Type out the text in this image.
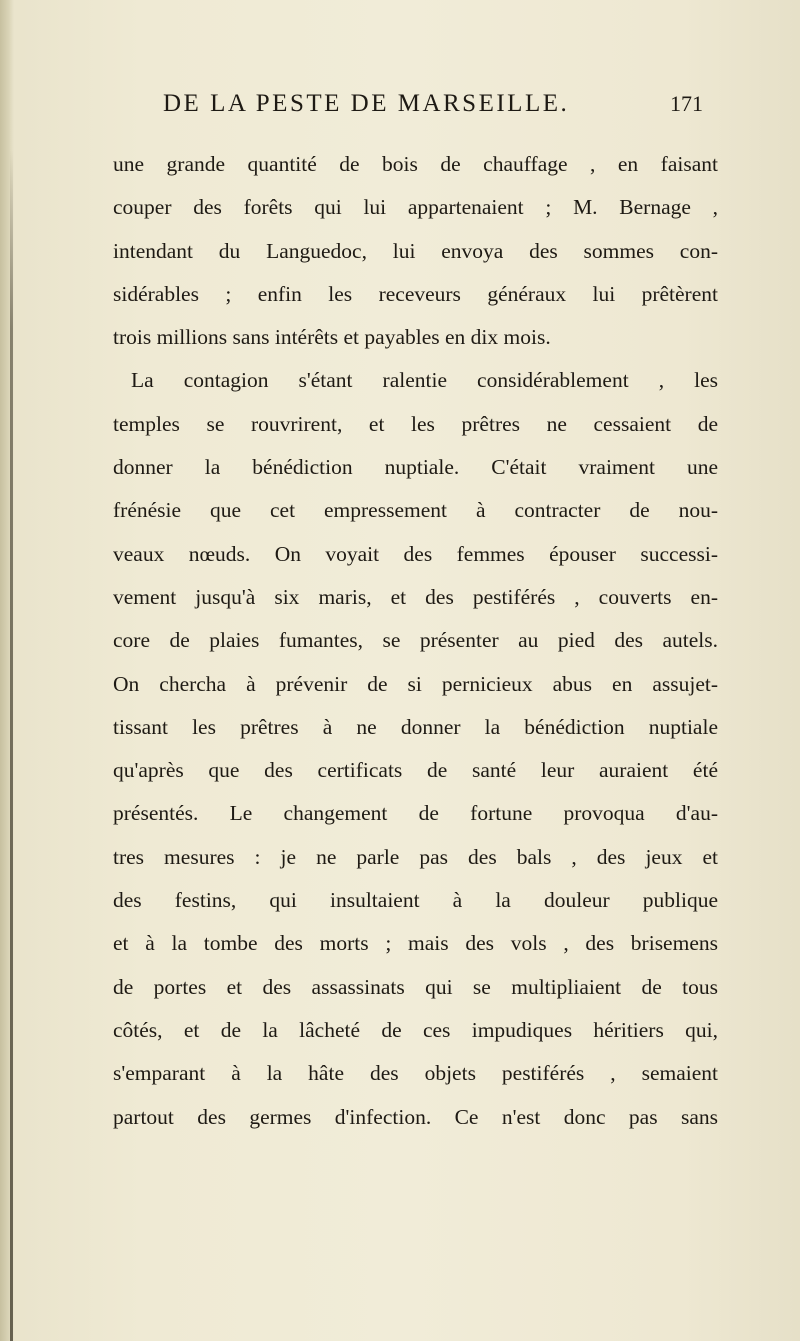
DE LA PESTE DE MARSEILLE.	171
une grande quantité de bois de chauffage , en faisant
couper des forêts qui lui appartenaient ; M. Bernage ,
intendant du Languedoc, lui envoya des sommes con-
sidérables ; enfin les receveurs généraux lui prêtèrent
trois millions sans intérêts et payables en dix mois.
La contagion s'étant ralentie considérablement , les
temples se rouvrirent, et les prêtres ne cessaient de
donner la bénédiction nuptiale. C'était vraiment une
frénésie que cet empressement à contracter de nou-
veaux nœuds. On voyait des femmes épouser successi-
vement jusqu'à six maris, et des pestiférés , couverts en-
core de plaies fumantes, se présenter au pied des autels.
On chercha à prévenir de si pernicieux abus en assujet-
tissant les prêtres à ne donner la bénédiction nuptiale
qu'après que des certificats de santé leur auraient été
présentés. Le changement de fortune provoqua d'au-
tres mesures : je ne parle pas des bals , des jeux et
des festins, qui insultaient à la douleur publique
et à la tombe des morts ; mais des vols , des brisemens
de portes et des assassinats qui se multipliaient de tous
côtés, et de la lâcheté de ces impudiques héritiers qui,
s'emparant à la hâte des objets pestiférés , semaient
partout des germes d'infection. Ce n'est donc pas sans
